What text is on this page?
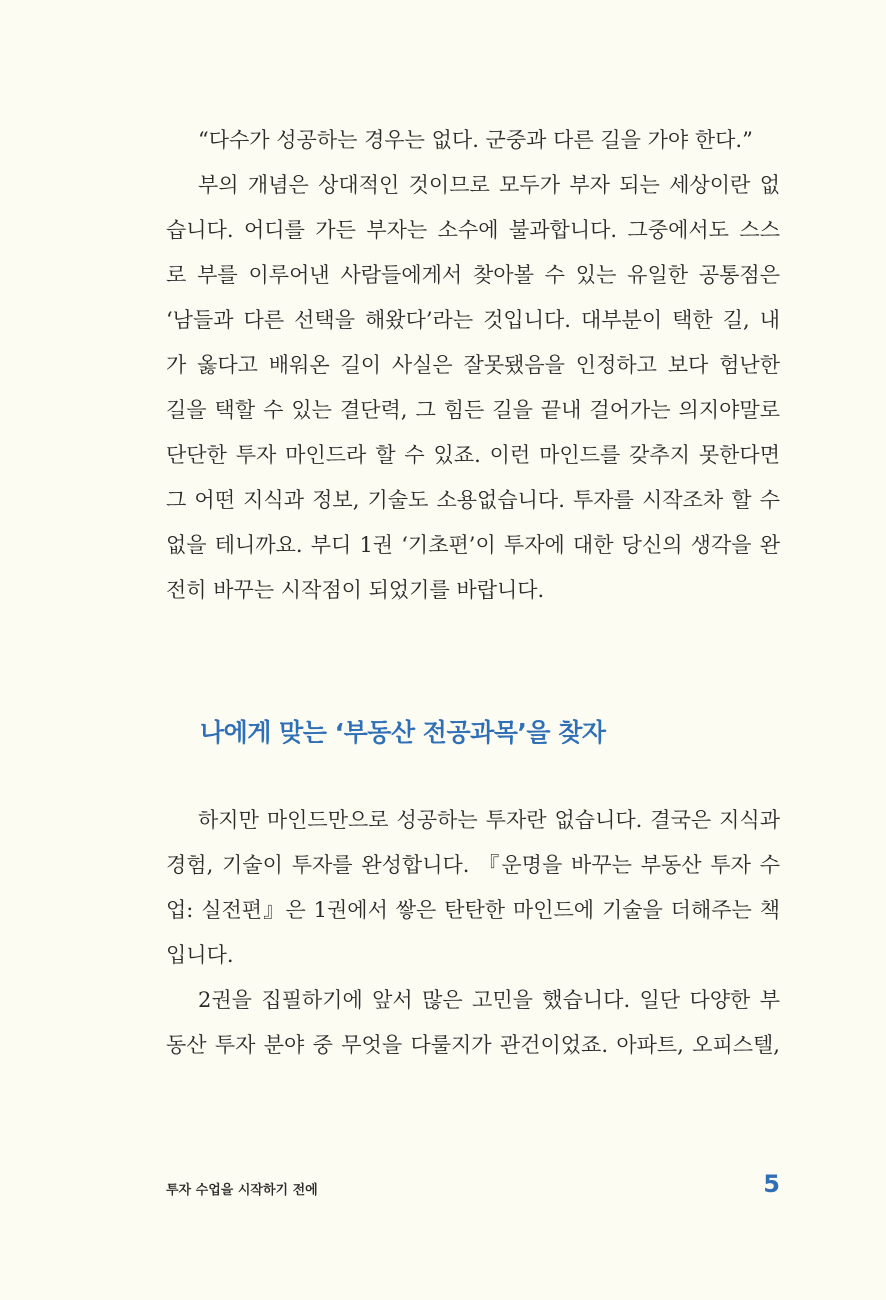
“다수가 성공하는 경우는 없다. 군중과 다른 길을 가야 한다.”
부의 개념은 상대적인 것이므로 모두가 부자 되는 세상이란 없
습니다. 어디를 가든 부자는 소수에 불과합니다. 그중에서도 스스
로 부를 이루어낸 사람들에게서 찾아볼 수 있는 유일한 공통점은
‘남들과 다른 선택을 해왔다’라는 것입니다. 대부분이 택한 길, 내
가 옳다고 배워온 길이 사실은 잘못됐음을 인정하고 보다 험난한
길을 택할 수 있는 결단력, 그 힘든 길을 끝내 걸어가는 의지야말로
단단한 투자 마인드라 할 수 있죠. 이런 마인드를 갖추지 못한다면
그 어떤 지식과 정보, 기술도 소용없습니다. 투자를 시작조차 할 수
없을 테니까요. 부디 1권 ‘기초편’이 투자에 대한 당신의 생각을 완
전히 바꾸는 시작점이 되었기를 바랍니다.
나에게 맞는 ‘부동산 전공과목’을 찾자
하지만 마인드만으로 성공하는 투자란 없습니다. 결국은 지식과
경험, 기술이 투자를 완성합니다. 『운명을 바꾸는 부동산 투자 수
업: 실전편』은 1권에서 쌓은 탄탄한 마인드에 기술을 더해주는 책
입니다.
2권을 집필하기에 앞서 많은 고민을 했습니다. 일단 다양한 부
동산 투자 분야 중 무엇을 다룰지가 관건이었죠. 아파트, 오피스텔,
투자 수업을 시작하기 전에	5
